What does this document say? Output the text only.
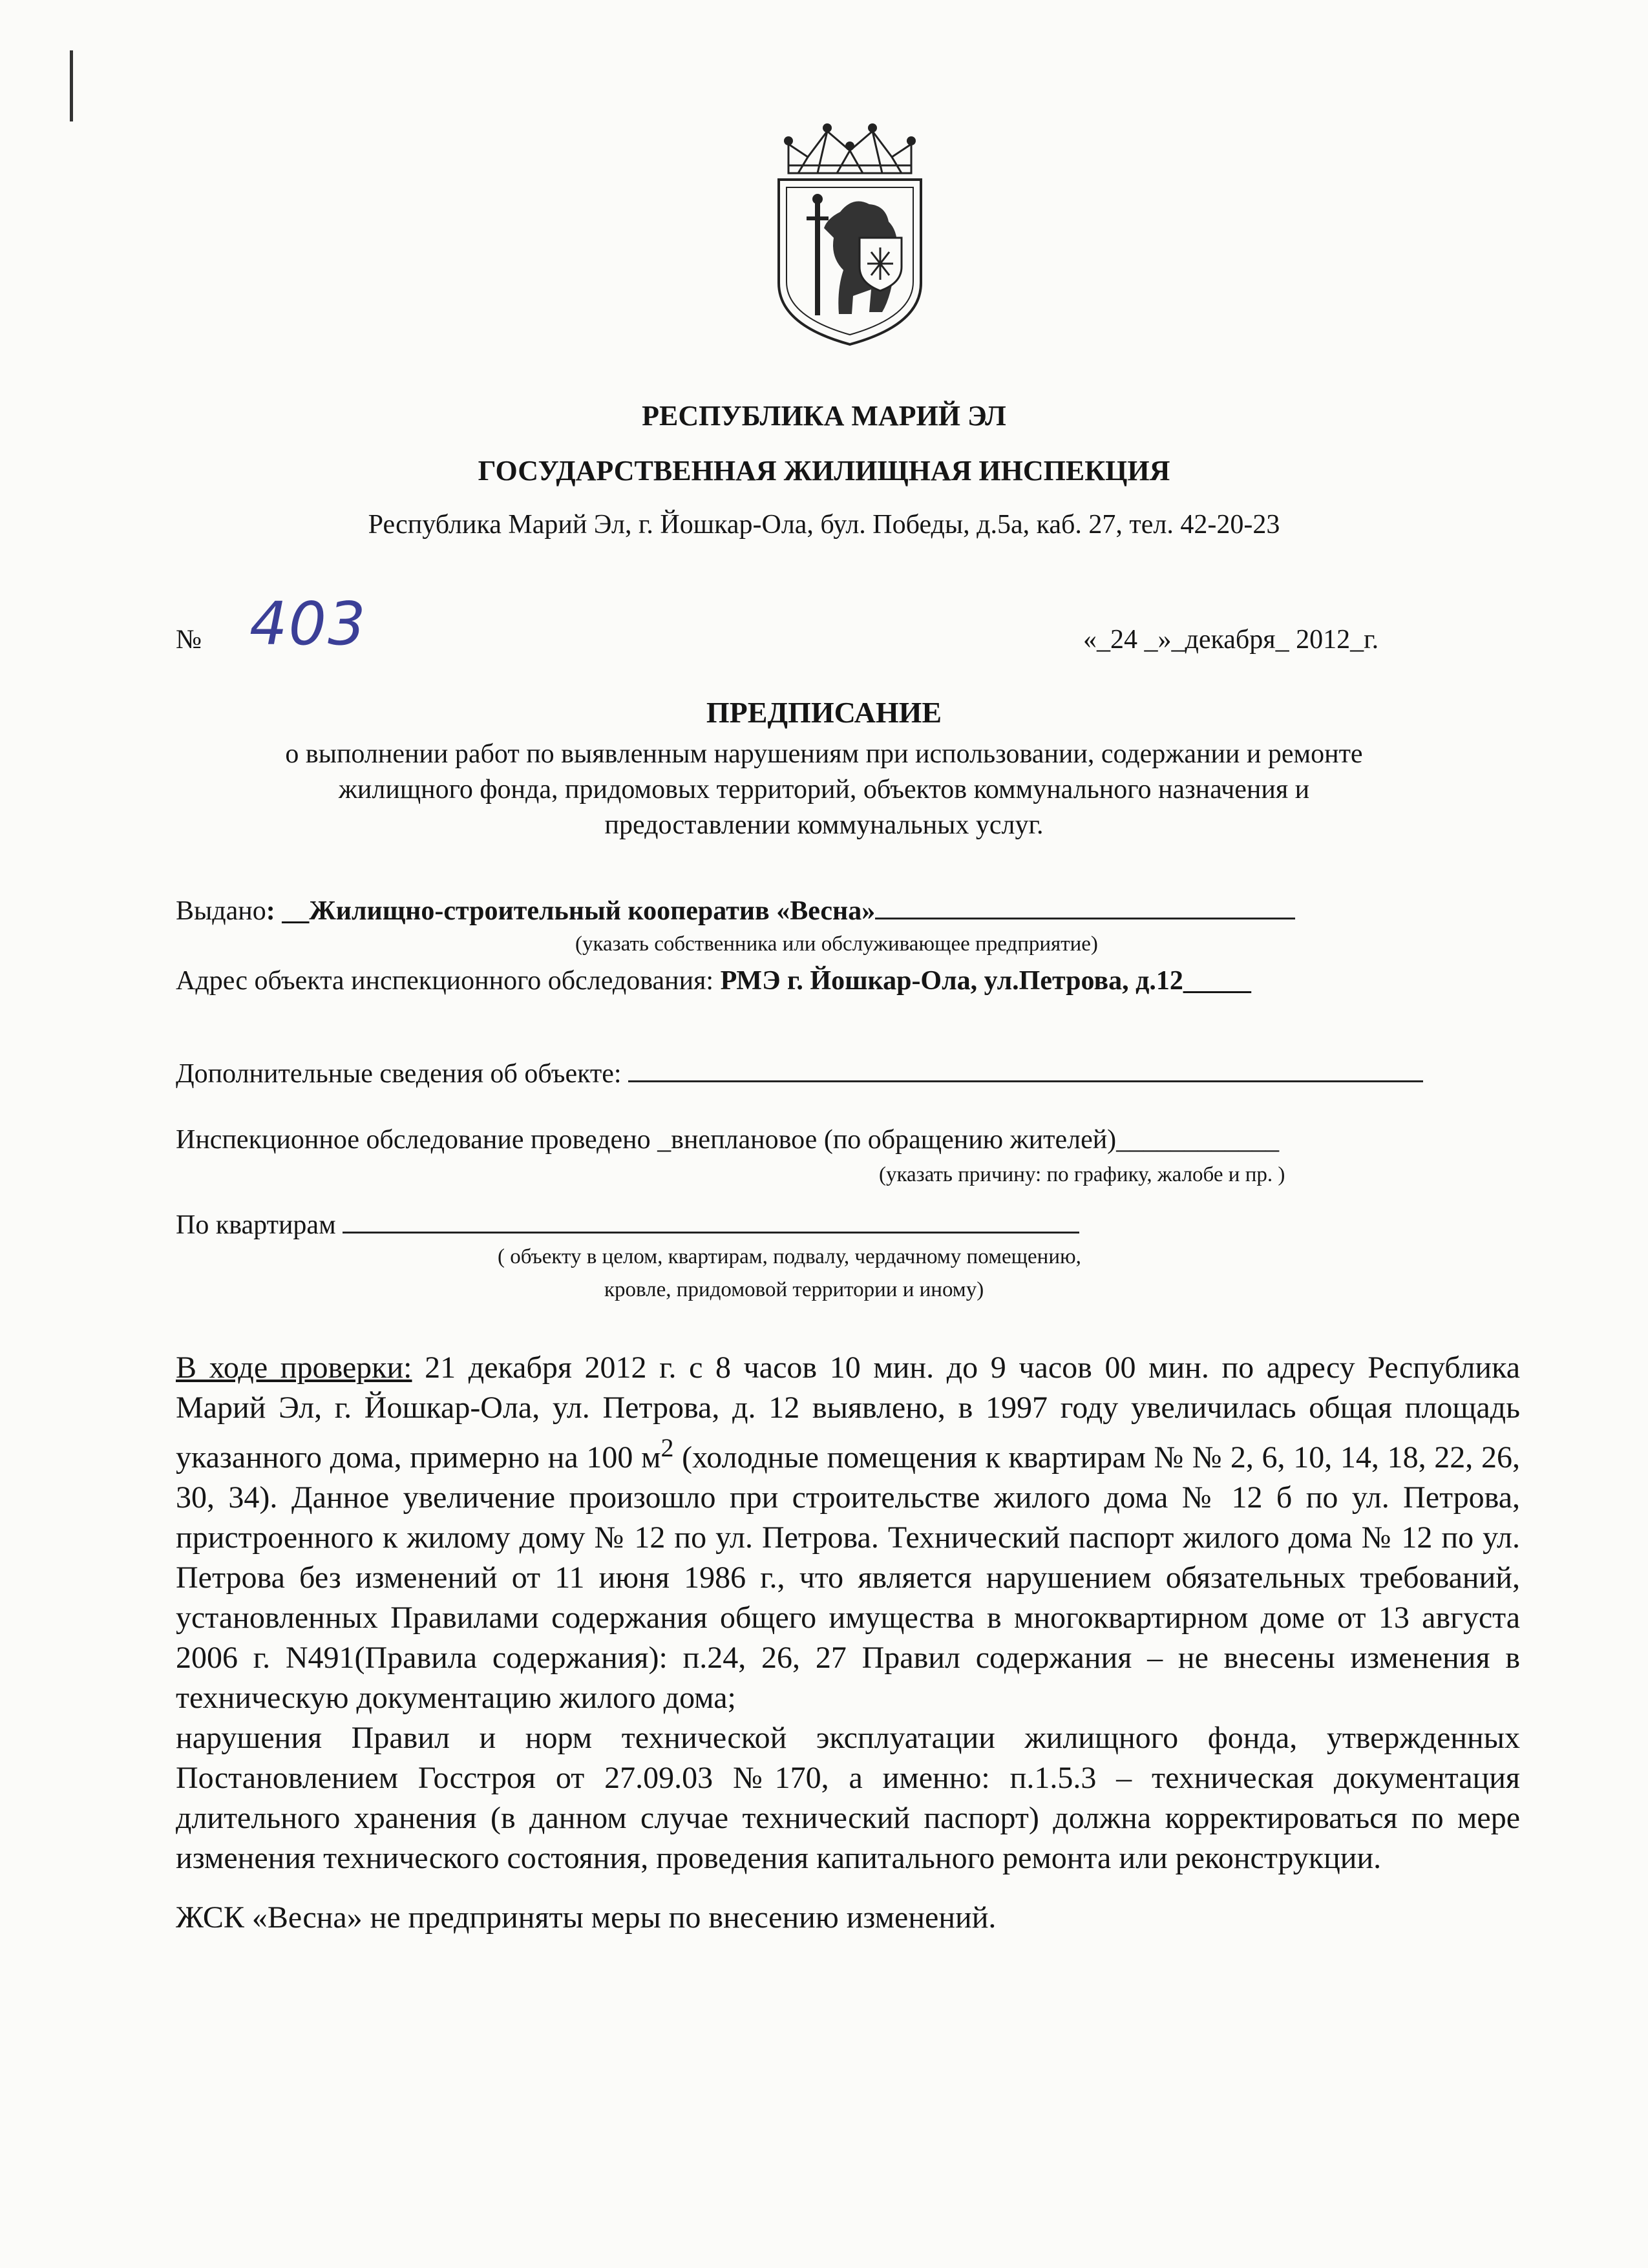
РЕСПУБЛИКА МАРИЙ ЭЛ
ГОСУДАРСТВЕННАЯ ЖИЛИЩНАЯ ИНСПЕКЦИЯ
Республика Марий Эл, г. Йошкар-Ола, бул. Победы, д.5а, каб. 27, тел. 42-20-23
№ 403	«_24 _»_декабря_ 2012_г.
ПРЕДПИСАНИЕ
о выполнении работ по выявленным нарушениям при использовании, содержании и ремонте
жилищного фонда, придомовых территорий, объектов коммунального назначения и
предоставлении коммунальных услуг.
Выдано: __Жилищно-строительный кооператив «Весна»
(указать собственника или обслуживающее предприятие)
Адрес объекта инспекционного обследования: РМЭ г. Йошкар-Ола, ул.Петрова, д.12_____
Дополнительные сведения об объекте:
Инспекционное обследование проведено _внеплановое (по обращению жителей)____________
(указать причину: по графику, жалобе и пр. )
По квартирам
( объекту в целом, квартирам, подвалу, чердачному помещению,
кровле, придомовой территории и иному)

В ходе проверки: 21 декабря 2012 г. с 8 часов 10 мин. до 9 часов 00 мин. по адресу Республика Марий Эл, г. Йошкар-Ола, ул. Петрова, д. 12 выявлено, в 1997 году увеличилась общая площадь указанного дома, примерно на 100 $м^2$ (холодные помещения к квартирам № № 2, 6, 10, 14, 18, 22, 26, 30, 34). Данное увеличение произошло при строительстве жилого дома № 12 б по ул. Петрова, пристроенного к жилому дому № 12 по ул. Петрова. Технический паспорт жилого дома № 12 по ул. Петрова без изменений от 11 июня 1986 г., что является нарушением обязательных требований, установленных Правилами содержания общего имущества в многоквартирном доме от 13 августа 2006 г. N491(Правила содержания): п.24, 26, 27 Правил содержания – не внесены изменения в техническую документацию жилого дома;

нарушения Правил и норм технической эксплуатации жилищного фонда, утвержденных Постановлением Госстроя от 27.09.03 №170, а именно: п.1.5.3 – техническая документация длительного хранения (в данном случае технический паспорт) должна корректироваться по мере изменения технического состояния, проведения капитального ремонта или реконструкции.

ЖСК «Весна» не предприняты меры по внесению изменений.
